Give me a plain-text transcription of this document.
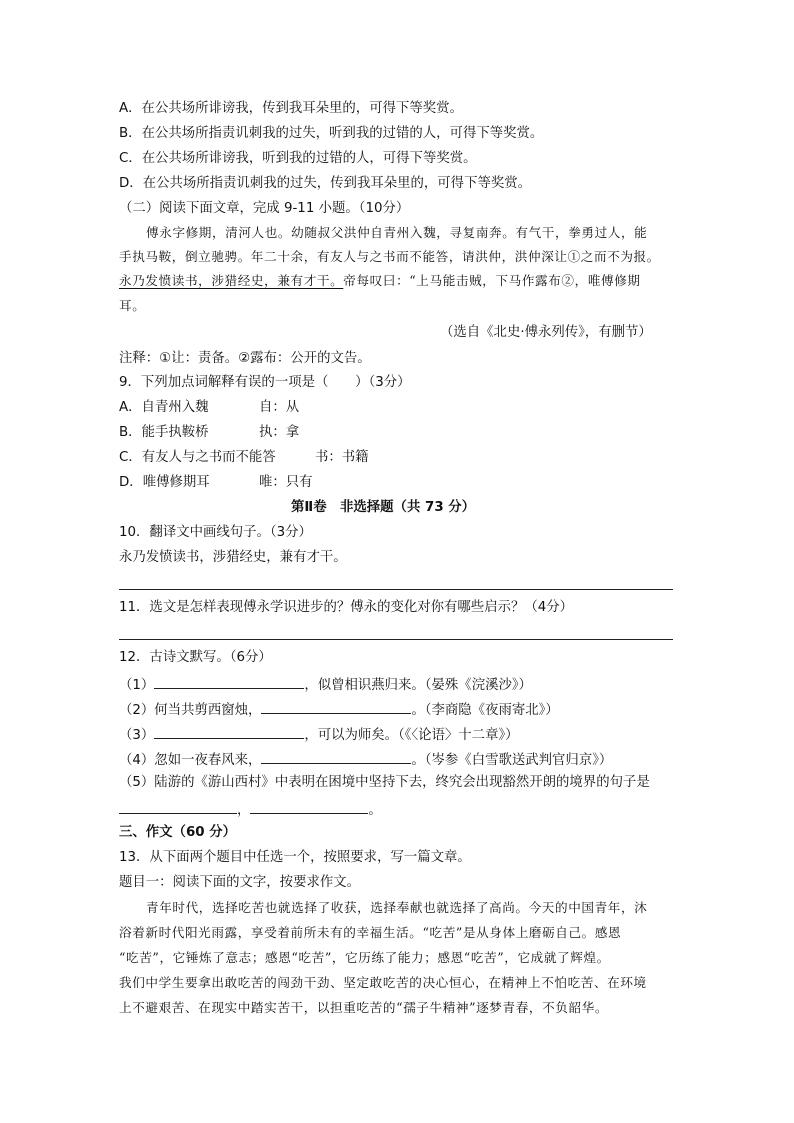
A．在公共场所诽谤我，传到我耳朵里的，可得下等奖赏。
B．在公共场所指责讥刺我的过失，听到我的过错的人，可得下等奖赏。
C．在公共场所诽谤我，听到我的过错的人，可得下等奖赏。
D．在公共场所指责讥刺我的过失，传到我耳朵里的，可得下等奖赏。
（二）阅读下面文章，完成 9-11 小题。（10分）
傅永字修期，清河人也。幼随叔父洪仲自青州入魏，寻复南奔。有气干，拳勇过人，能
手执马鞍，倒立驰骋。年二十余，有友人与之书而不能答，请洪仲，洪仲深让①之而不为报。
永乃发愤读书，涉猎经史，兼有才干。帝每叹曰：“上马能击贼，下马作露布②，唯傅修期
耳。
（选自《北史·傅永列传》，有删节）
注释：①让：责备。②露布：公开的文告。
9．下列加点词解释有误的一项是（　　）（3分）
A．自青州入魏	自：从
B．能手执鞍桥	执：拿
C．有友人与之书而不能答	书：书籍
D．唯傅修期耳	唯：只有
第Ⅱ卷　非选择题（共 73 分）
10．翻译文中画线句子。（3分）
永乃发愤读书，涉猎经史，兼有才干。
11．选文是怎样表现傅永学识进步的？傅永的变化对你有哪些启示？（4分）
12．古诗文默写。（6分）
（1）	，似曾相识燕归来。（晏殊《浣溪沙》）
（2）何当共剪西窗烛，	。（李商隐《夜雨寄北》）
（3）	，可以为师矣。（《〈论语〉十二章》）
（4）忽如一夜春风来，	。（岑参《白雪歌送武判官归京》）
（5）陆游的《游山西村》中表明在困境中坚持下去，终究会出现豁然开朗的境界的句子是
，	。
三、作文（60 分）
13．从下面两个题目中任选一个，按照要求，写一篇文章。
题目一：阅读下面的文字，按要求作文。
青年时代，选择吃苦也就选择了收获，选择奉献也就选择了高尚。今天的中国青年，沐
浴着新时代阳光雨露，享受着前所未有的幸福生活。“吃苦”是从身体上磨砺自己。感恩
“吃苦”，它锤炼了意志；感恩“吃苦”，它历练了能力；感恩“吃苦”，它成就了辉煌。
我们中学生要拿出敢吃苦的闯劲干劲、坚定敢吃苦的决心恒心，在精神上不怕吃苦、在环境
上不避艰苦、在现实中踏实苦干，以担重吃苦的“孺子牛精神”逐梦青春，不负韶华。
